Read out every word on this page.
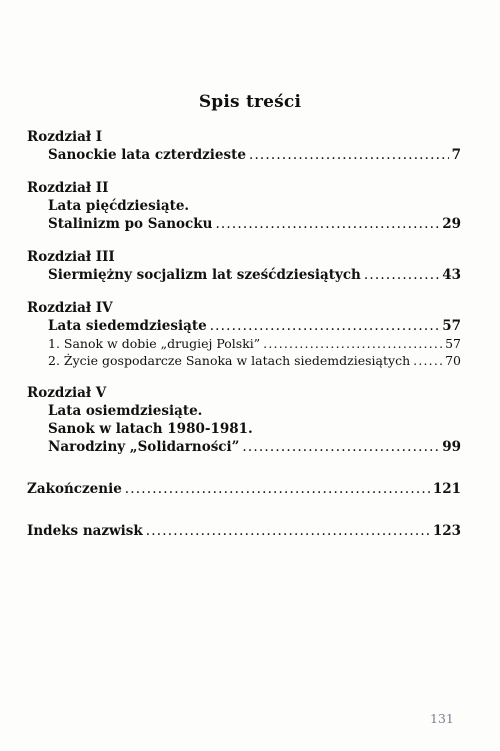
Spis treści
Rozdział I
Sanockie lata czterdzieste .....	7
Rozdział II
Lata pięćdziesiąte.
Stalinizm po Sanocku .....	29
Rozdział III
Siermiężny socjalizm lat sześćdziesiątych .....	43
Rozdział IV
Lata siedemdziesiąte .....	57
1. Sanok w dobie „drugiej Polski” .....	57
2. Życie gospodarcze Sanoka w latach siedemdziesiątych .....	70
Rozdział V
Lata osiemdziesiąte.
Sanok w latach 1980-1981.
Narodziny „Solidarności” .....	99
Zakończenie .....	121
Indeks nazwisk .....	123
131
